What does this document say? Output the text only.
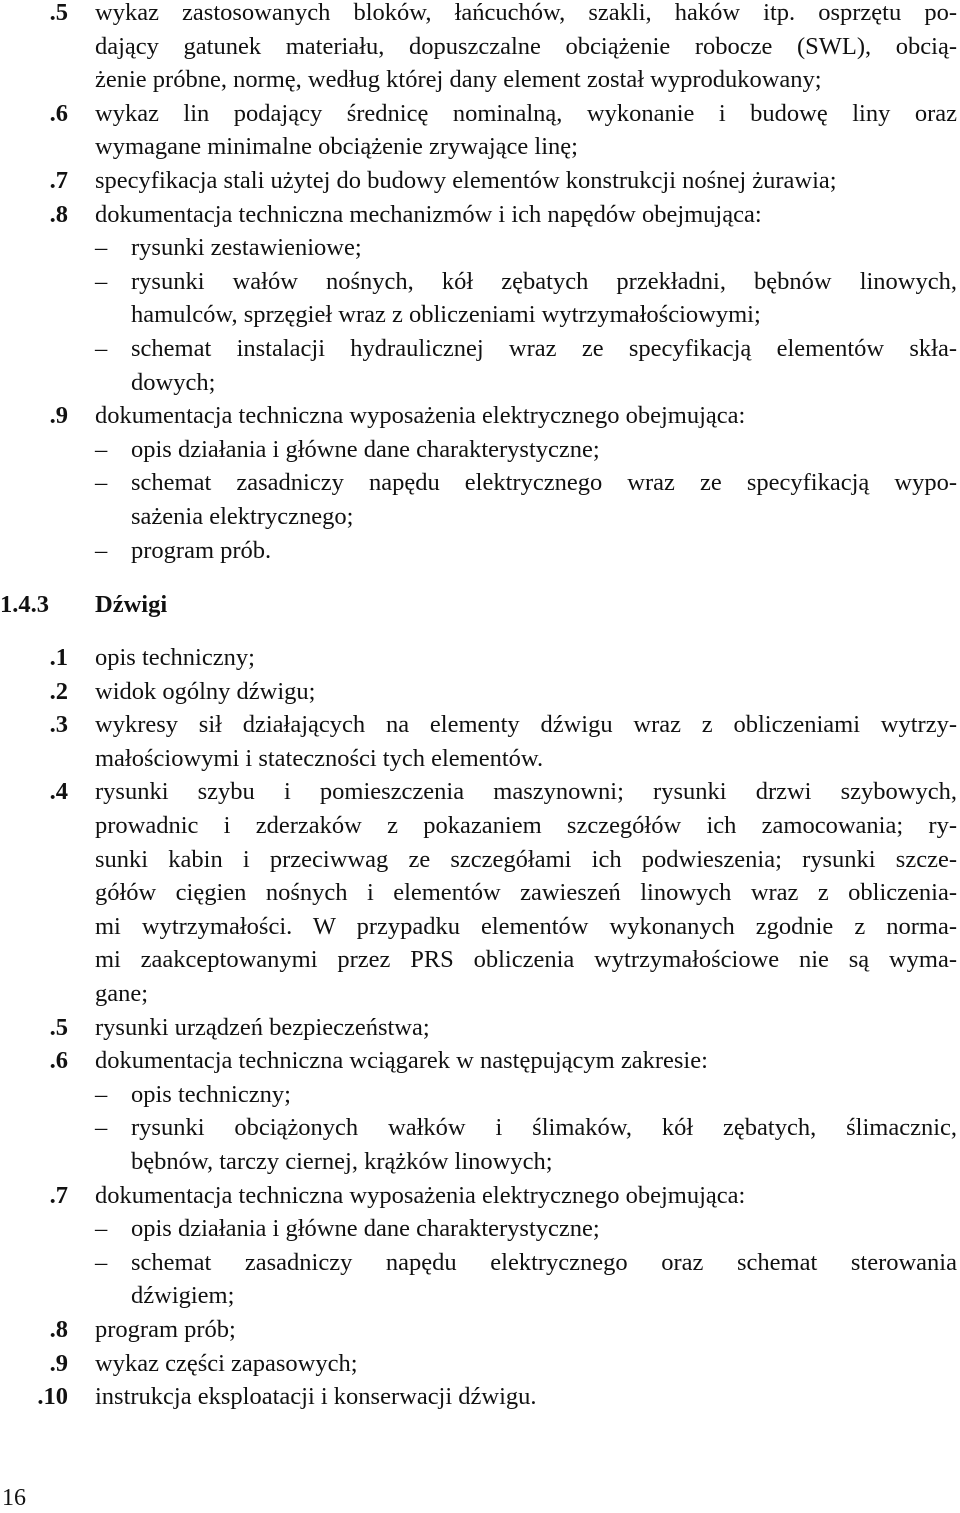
.5 wykaz zastosowanych bloków, łańcuchów, szakli, haków itp. osprzętu po-
dający gatunek materiału, dopuszczalne obciążenie robocze (SWL), obcią-
żenie próbne, normę, według której dany element został wyprodukowany;
.6 wykaz lin podający średnicę nominalną, wykonanie i budowę liny oraz
wymagane minimalne obciążenie zrywające linę;
.7 specyfikacja stali użytej do budowy elementów konstrukcji nośnej żurawia;
.8 dokumentacja techniczna mechanizmów i ich napędów obejmująca:
– rysunki zestawieniowe;
– rysunki wałów nośnych, kół zębatych przekładni, bębnów linowych,
hamulców, sprzęgieł wraz z obliczeniami wytrzymałościowymi;
– schemat instalacji hydraulicznej wraz ze specyfikacją elementów skła-
dowych;
.9 dokumentacja techniczna wyposażenia elektrycznego obejmująca:
– opis działania i główne dane charakterystyczne;
– schemat zasadniczy napędu elektrycznego wraz ze specyfikacją wypo-
sażenia elektrycznego;
– program prób.
1.4.3 Dźwigi
.1 opis techniczny;
.2 widok ogólny dźwigu;
.3 wykresy sił działających na elementy dźwigu wraz z obliczeniami wytrzy-
małościowymi i stateczności tych elementów.
.4 rysunki szybu i pomieszczenia maszynowni; rysunki drzwi szybowych,
prowadnic i zderzaków z pokazaniem szczegółów ich zamocowania; ry-
sunki kabin i przeciwwag ze szczegółami ich podwieszenia; rysunki szcze-
gółów cięgien nośnych i elementów zawieszeń linowych wraz z obliczenia-
mi wytrzymałości. W przypadku elementów wykonanych zgodnie z norma-
mi zaakceptowanymi przez PRS obliczenia wytrzymałościowe nie są wyma-
gane;
.5 rysunki urządzeń bezpieczeństwa;
.6 dokumentacja techniczna wciągarek w następującym zakresie:
– opis techniczny;
– rysunki obciążonych wałków i ślimaków, kół zębatych, ślimacznic,
bębnów, tarczy ciernej, krążków linowych;
.7 dokumentacja techniczna wyposażenia elektrycznego obejmująca:
– opis działania i główne dane charakterystyczne;
– schemat zasadniczy napędu elektrycznego oraz schemat sterowania
dźwigiem;
.8 program prób;
.9 wykaz części zapasowych;
.10 instrukcja eksploatacji i konserwacji dźwigu.
16
